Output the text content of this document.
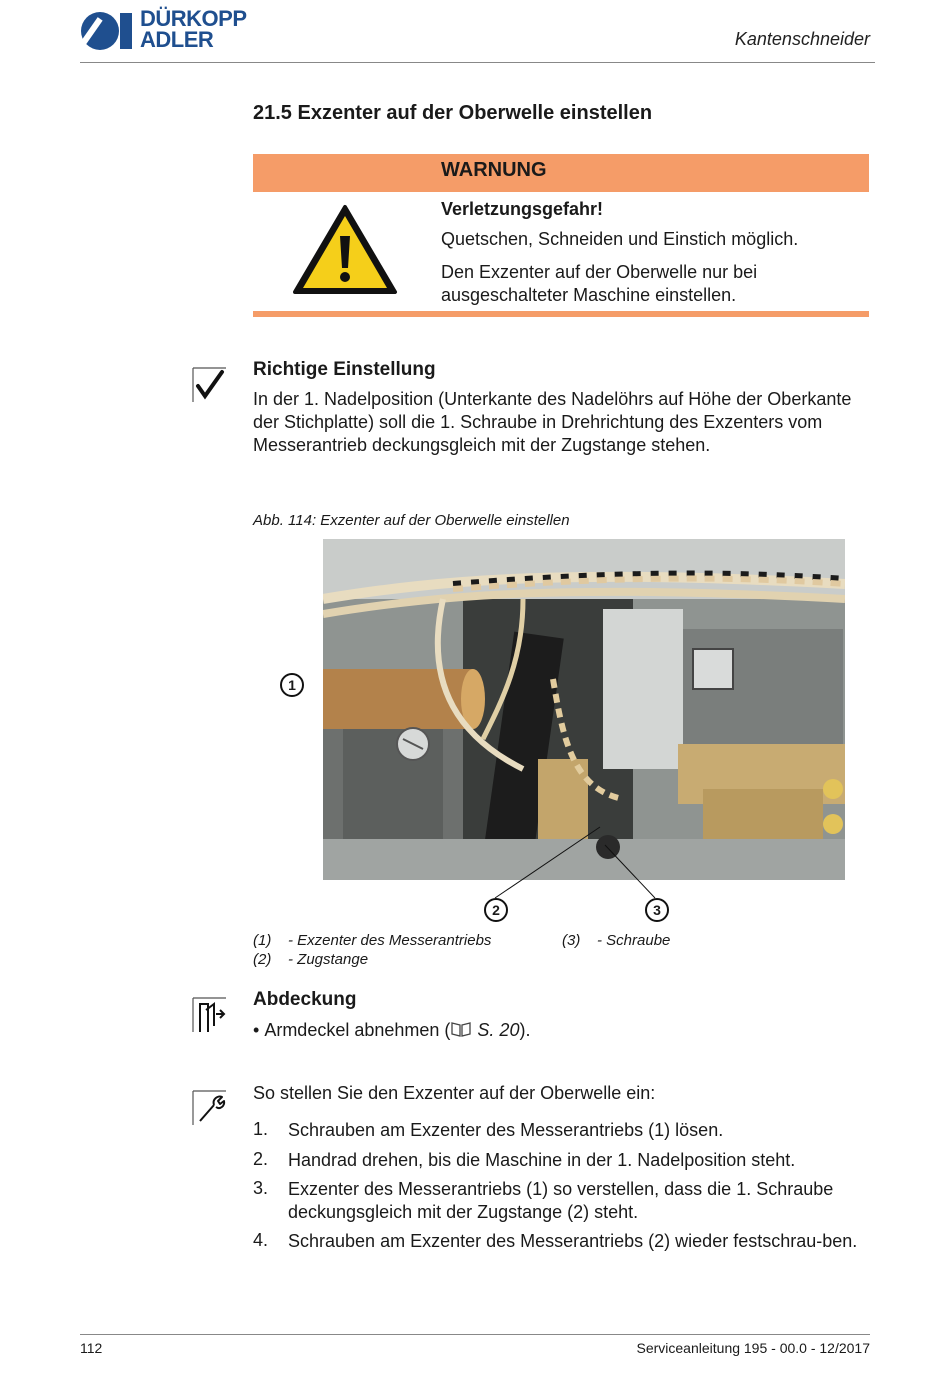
DÜRKOPP
ADLER	Kantenschneider
21.5 Exzenter auf der Oberwelle einstellen
WARNUNG
Verletzungsgefahr!
Quetschen, Schneiden und Einstich möglich.
Den Exzenter auf der Oberwelle nur bei ausgeschalteter Maschine einstellen.
Richtige Einstellung
In der 1. Nadelposition (Unterkante des Nadelöhrs auf Höhe der Oberkante der Stichplatte) soll die 1. Schraube in Drehrichtung des Exzenters vom Messerantrieb deckungsgleich mit der Zugstange stehen.
Abb. 114: Exzenter auf der Oberwelle einstellen
1
2	3
(1) - Exzenter des Messerantriebs
(2) - Zugstange
(3) - Schraube
Abdeckung
• Armdeckel abnehmen ( S. 20).
So stellen Sie den Exzenter auf der Oberwelle ein:
1. Schrauben am Exzenter des Messerantriebs (1) lösen.
2. Handrad drehen, bis die Maschine in der 1. Nadelposition steht.
3. Exzenter des Messerantriebs (1) so verstellen, dass die 1. Schraube deckungsgleich mit der Zugstange (2) steht.
4. Schrauben am Exzenter des Messerantriebs (2) wieder festschrau-ben.
112	Serviceanleitung 195 - 00.0 - 12/2017
